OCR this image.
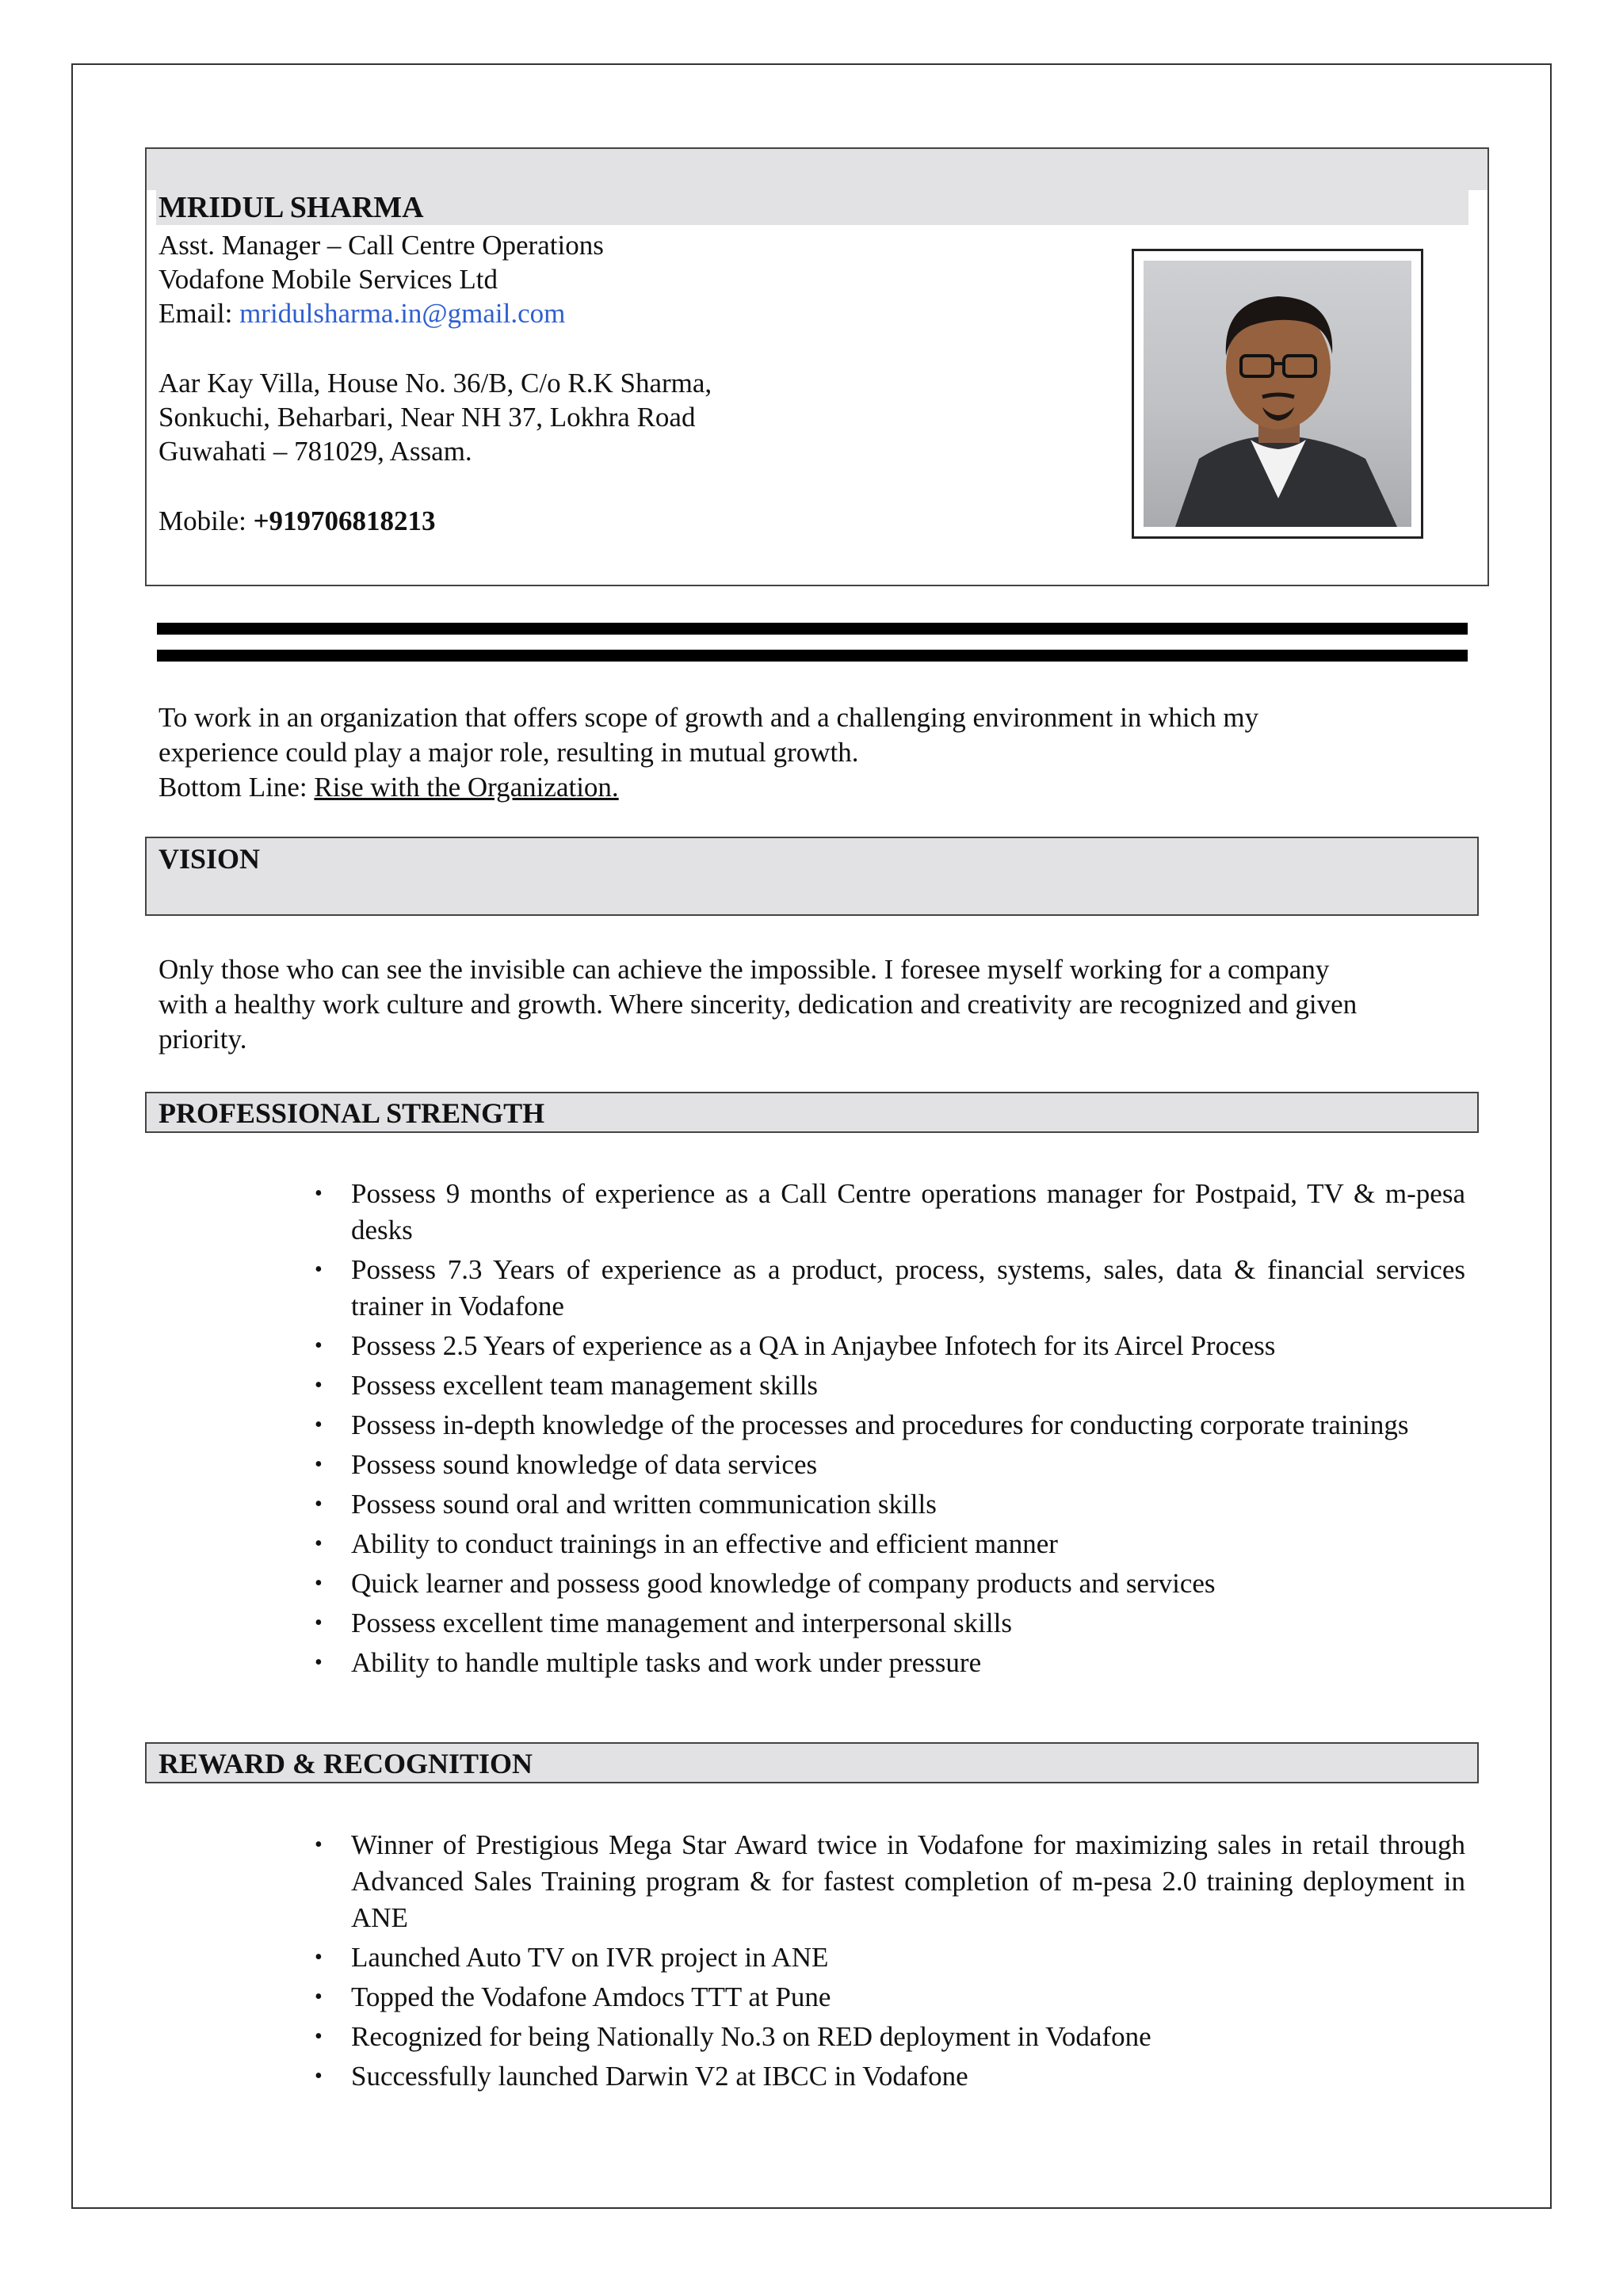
MRIDUL SHARMA
Asst. Manager – Call Centre Operations
Vodafone Mobile Services Ltd
Email: mridulsharma.in@gmail.com
Aar Kay Villa, House No. 36/B, C/o R.K Sharma,
Sonkuchi, Beharbari, Near NH 37, Lokhra Road
Guwahati – 781029, Assam.
Mobile: +919706818213
To work in an organization that offers scope of growth and a challenging environment in which my
experience could play a major role, resulting in mutual growth.
Bottom Line: Rise with the Organization.
VISION
Only those who can see the invisible can achieve the impossible. I foresee myself working for a company
with a healthy work culture and growth. Where sincerity, dedication and creativity are recognized and given
priority.
PROFESSIONAL STRENGTH
• Possess 9 months of experience as a Call Centre operations manager for Postpaid, TV & m-pesa desks
• Possess 7.3 Years of experience as a product, process, systems, sales, data & financial services trainer in Vodafone
• Possess 2.5 Years of experience as a QA in Anjaybee Infotech for its Aircel Process
• Possess excellent team management skills
• Possess in-depth knowledge of the processes and procedures for conducting corporate trainings
• Possess sound knowledge of data services
• Possess sound oral and written communication skills
• Ability to conduct trainings in an effective and efficient manner
• Quick learner and possess good knowledge of company products and services
• Possess excellent time management and interpersonal skills
• Ability to handle multiple tasks and work under pressure
REWARD & RECOGNITION
• Winner of Prestigious Mega Star Award twice in Vodafone for maximizing sales in retail through Advanced Sales Training program & for fastest completion of m-pesa 2.0 training deployment in ANE
• Launched Auto TV on IVR project in ANE
• Topped the Vodafone Amdocs TTT at Pune
• Recognized for being Nationally No.3 on RED deployment in Vodafone
• Successfully launched Darwin V2 at IBCC in Vodafone
